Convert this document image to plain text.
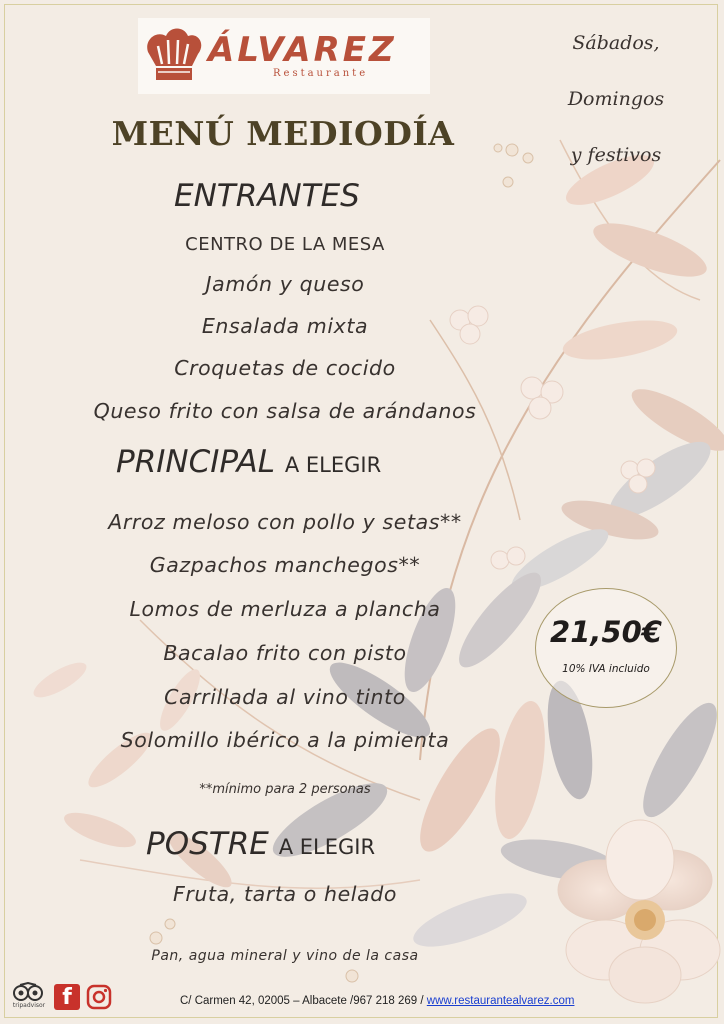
ÁLVAREZ
Restaurante
Sábados,
Domingos
y festivos
MENÚ MEDIODÍA
ENTRANTES
CENTRO DE LA MESA
Jamón y queso
Ensalada mixta
Croquetas de cocido
Queso frito con salsa de arándanos
PRINCIPAL A ELEGIR
Arroz meloso con pollo y setas**
Gazpachos manchegos**
Lomos de merluza a plancha
Bacalao frito con pisto
Carrillada al vino tinto
Solomillo ibérico a la pimienta
**mínimo para 2 personas
POSTRE A ELEGIR
Fruta, tarta o helado
Pan, agua mineral y vino de la casa
21,50€
10% IVA incluido
tripadvisor f	C/ Carmen 42, 02005 – Albacete /967 218 269 / www.restaurantealvarez.com
